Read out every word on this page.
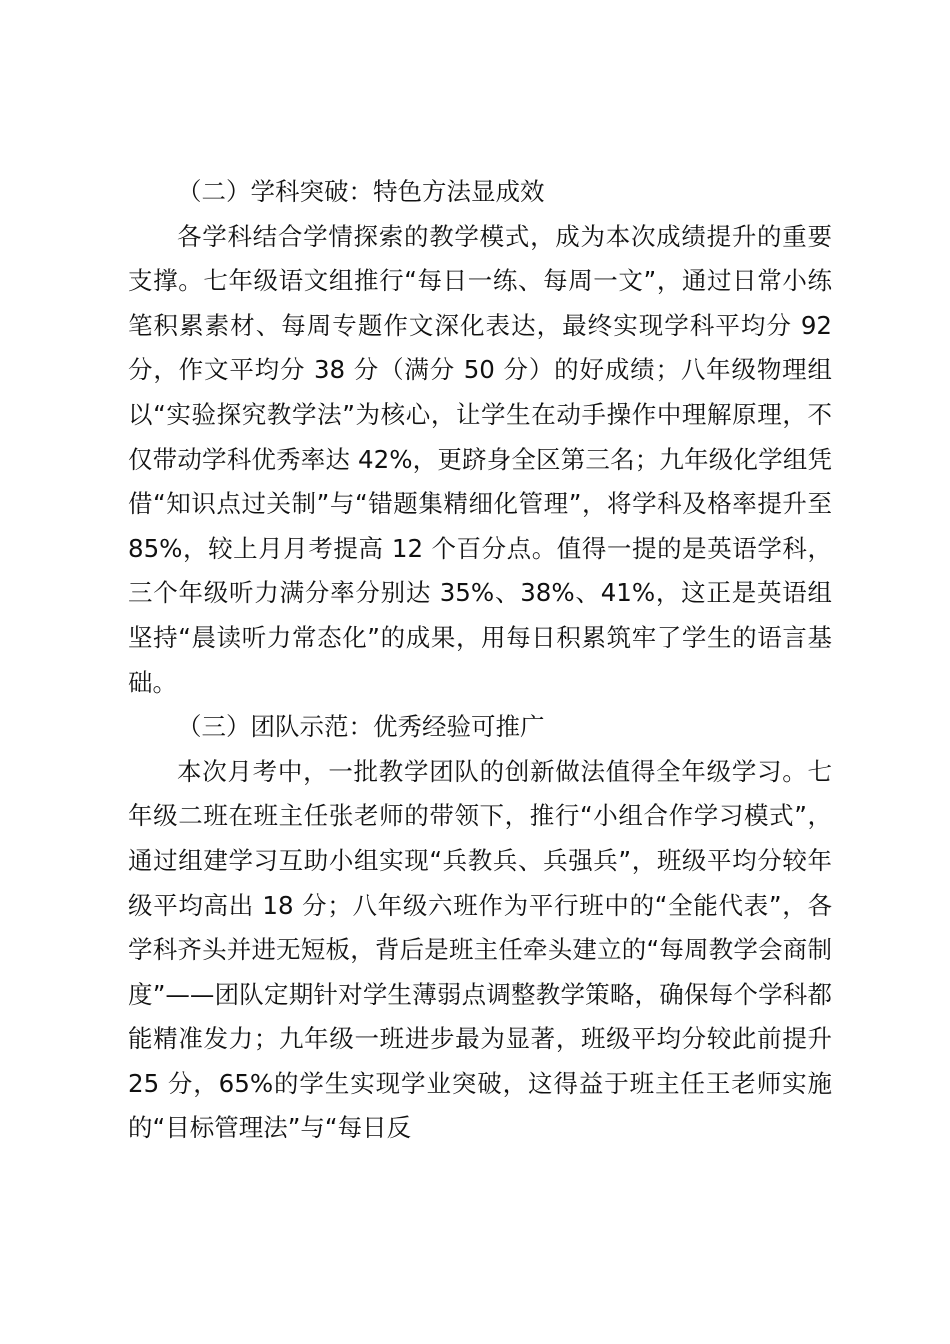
（二）学科突破：特色方法显成效

各学科结合学情探索的教学模式，成为本次成绩提升的重要支撑。七年级语文组推行“每日一练、每周一文”，通过日常小练笔积累素材、每周专题作文深化表达，最终实现学科平均分 92 分，作文平均分 38 分（满分 50 分）的好成绩；八年级物理组以“实验探究教学法”为核心，让学生在动手操作中理解原理，不仅带动学科优秀率达 42%，更跻身全区第三名；九年级化学组凭借“知识点过关制”与“错题集精细化管理”，将学科及格率提升至 85%，较上月月考提高 12 个百分点。值得一提的是英语学科，三个年级听力满分率分别达 35%、38%、41%，这正是英语组坚持“晨读听力常态化”的成果，用每日积累筑牢了学生的语言基础。

（三）团队示范：优秀经验可推广

本次月考中，一批教学团队的创新做法值得全年级学习。七年级二班在班主任张老师的带领下，推行“小组合作学习模式”，通过组建学习互助小组实现“兵教兵、兵强兵”，班级平均分较年级平均高出 18 分；八年级六班作为平行班中的“全能代表”，各学科齐头并进无短板，背后是班主任牵头建立的“每周教学会商制度”——团队定期针对学生薄弱点调整教学策略，确保每个学科都能精准发力；九年级一班进步最为显著，班级平均分较此前提升 25 分，65%的学生实现学业突破，这得益于班主任王老师实施的“目标管理法”与“每日反
